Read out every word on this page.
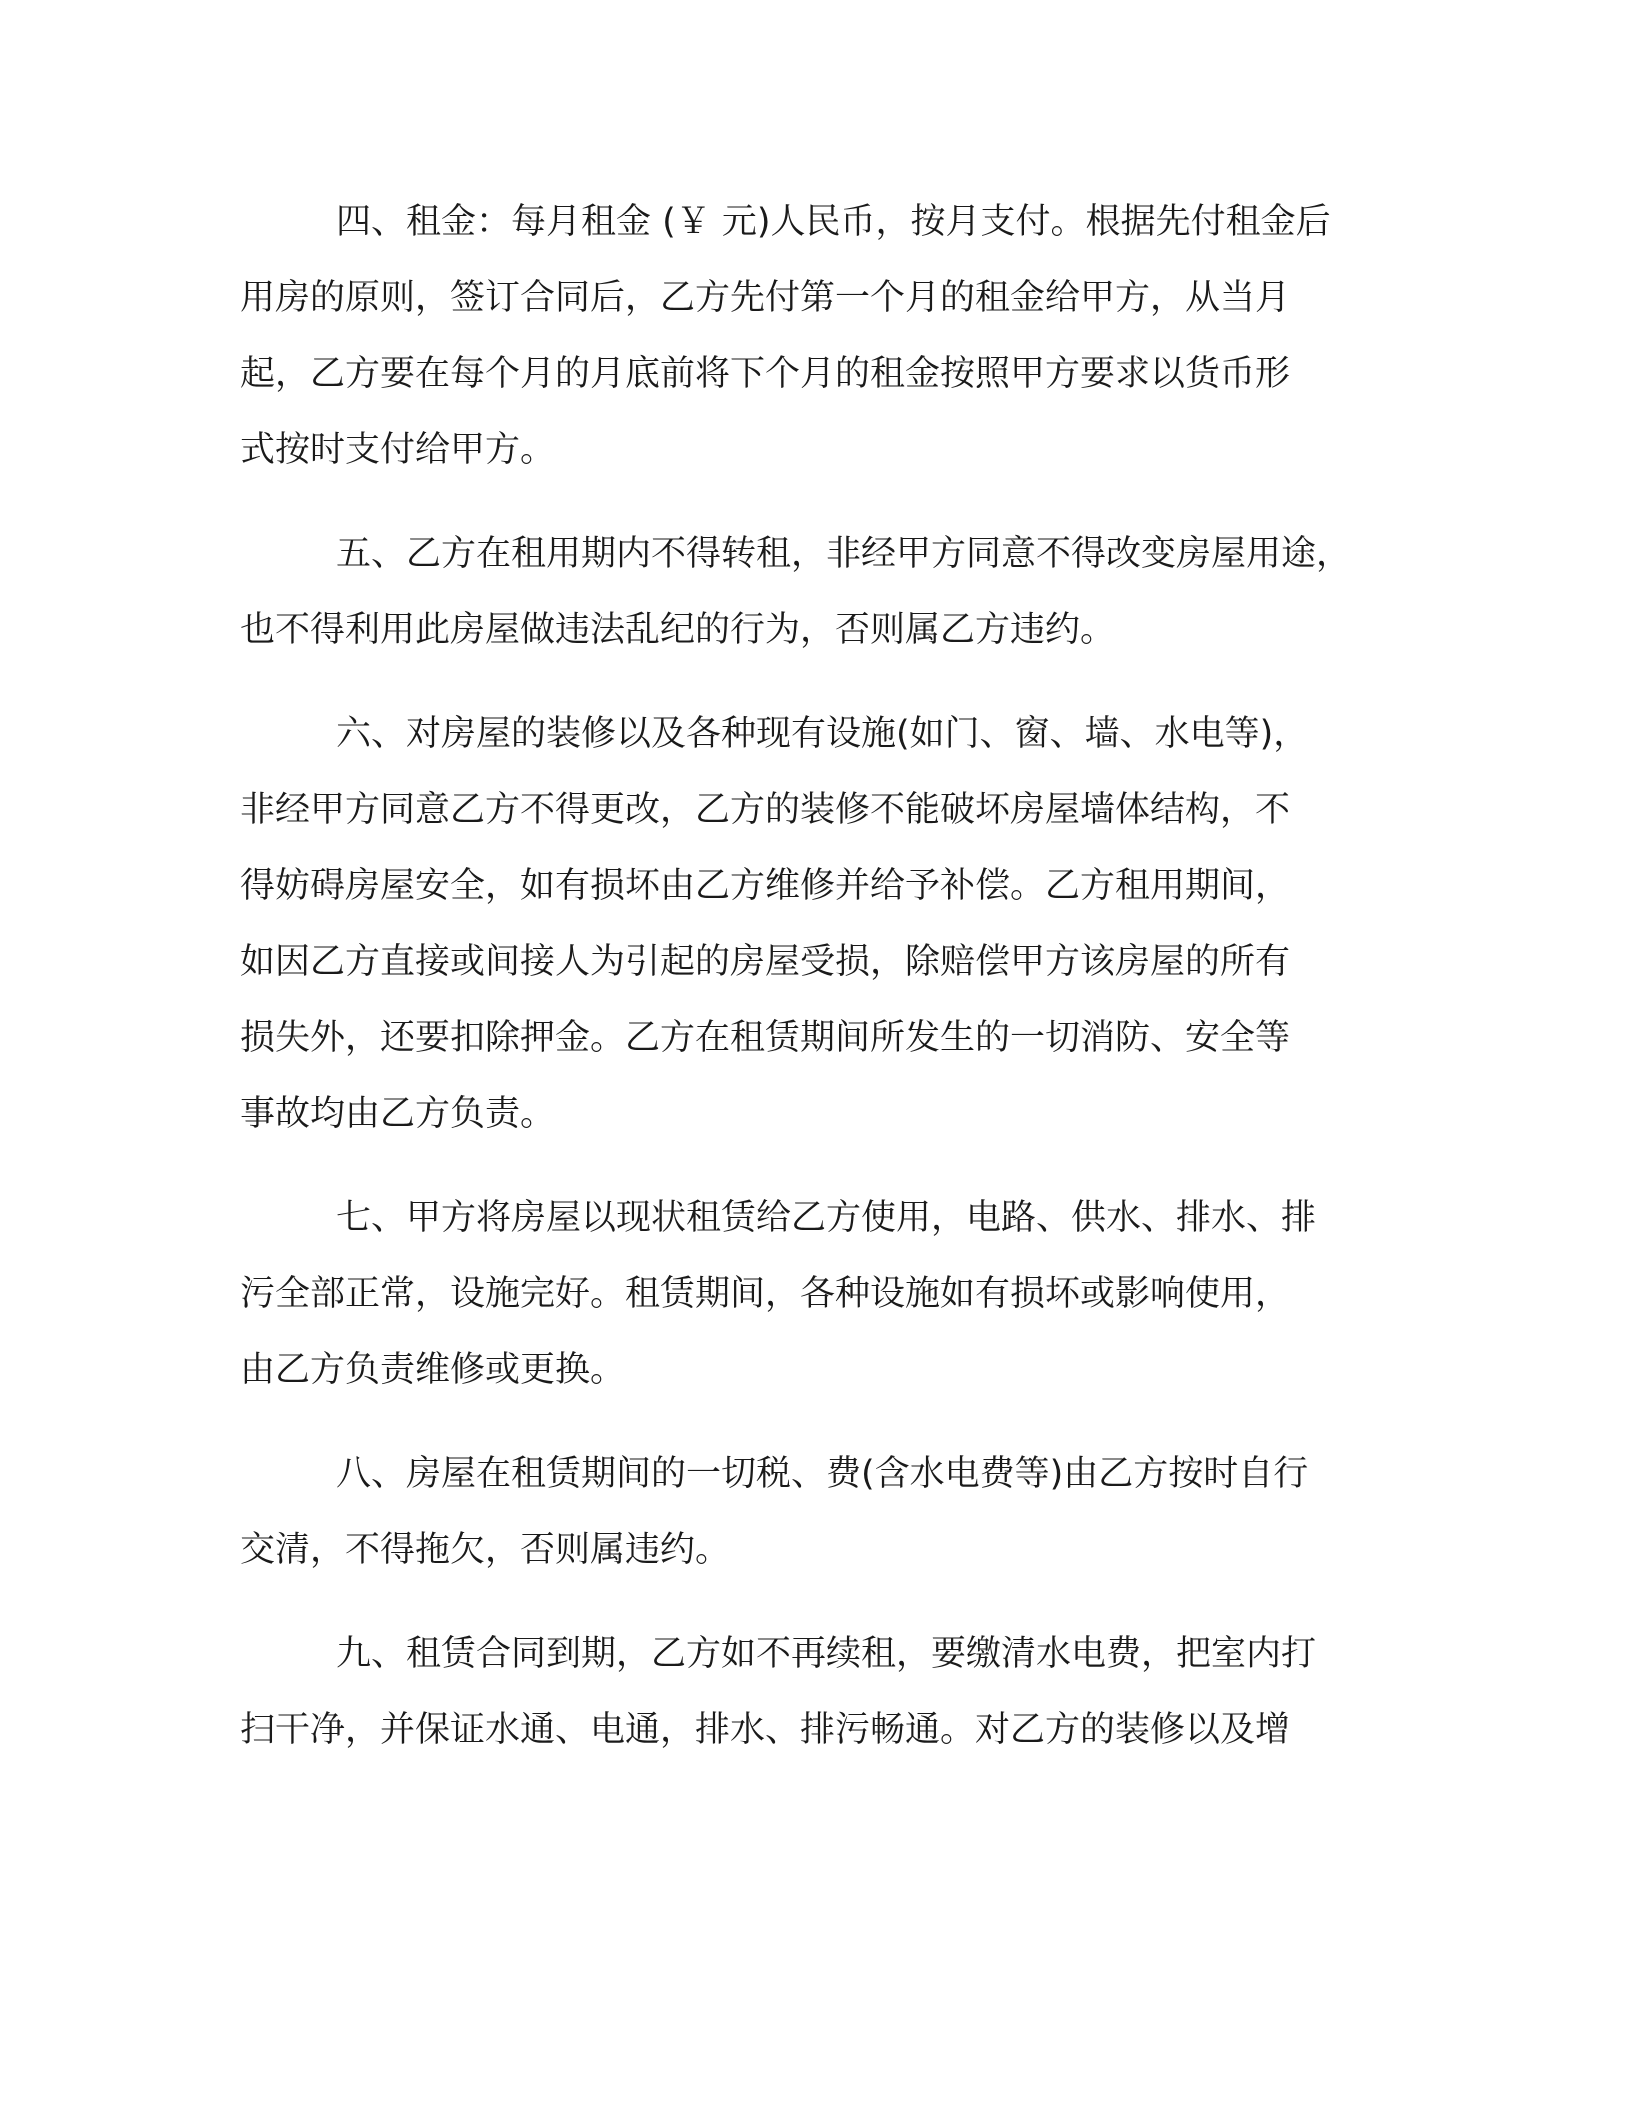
四、租金：每月租金 (￥ 元)人民币，按月支付。根据先付租金后
用房的原则，签订合同后，乙方先付第一个月的租金给甲方，从当月
起，乙方要在每个月的月底前将下个月的租金按照甲方要求以货币形
式按时支付给甲方。
五、乙方在租用期内不得转租，非经甲方同意不得改变房屋用途，
也不得利用此房屋做违法乱纪的行为，否则属乙方违约。
六、对房屋的装修以及各种现有设施(如门、窗、墙、水电等)，
非经甲方同意乙方不得更改，乙方的装修不能破坏房屋墙体结构，不
得妨碍房屋安全，如有损坏由乙方维修并给予补偿。乙方租用期间，
如因乙方直接或间接人为引起的房屋受损，除赔偿甲方该房屋的所有
损失外，还要扣除押金。乙方在租赁期间所发生的一切消防、安全等
事故均由乙方负责。
七、甲方将房屋以现状租赁给乙方使用，电路、供水、排水、排
污全部正常，设施完好。租赁期间，各种设施如有损坏或影响使用，
由乙方负责维修或更换。
八、房屋在租赁期间的一切税、费(含水电费等)由乙方按时自行
交清，不得拖欠，否则属违约。
九、租赁合同到期，乙方如不再续租，要缴清水电费，把室内打
扫干净，并保证水通、电通，排水、排污畅通。对乙方的装修以及增
